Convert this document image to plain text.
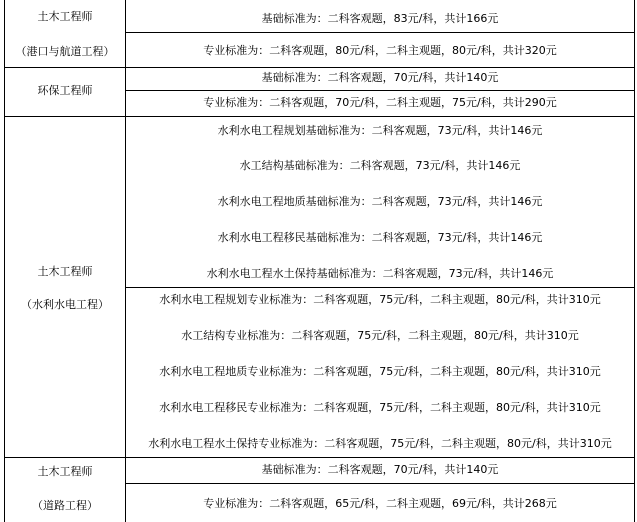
土木工程师
（港口与航道工程）
基础标准为：二科客观题，83元/科，共计166元
专业标准为：二科客观题，80元/科，二科主观题，80元/科，共计320元
环保工程师
基础标准为：二科客观题，70元/科，共计140元
专业标准为：二科客观题，70元/科，二科主观题，75元/科，共计290元
土木工程师
（水利水电工程）
水利水电工程规划基础标准为：二科客观题，73元/科，共计146元
水工结构基础标准为：二科客观题，73元/科，共计146元
水利水电工程地质基础标准为：二科客观题，73元/科，共计146元
水利水电工程移民基础标准为：二科客观题，73元/科，共计146元
水利水电工程水土保持基础标准为：二科客观题，73元/科，共计146元
水利水电工程规划专业标准为：二科客观题，75元/科，二科主观题，80元/科，共计310元
水工结构专业标准为：二科客观题，75元/科，二科主观题，80元/科，共计310元
水利水电工程地质专业标准为：二科客观题，75元/科，二科主观题，80元/科，共计310元
水利水电工程移民专业标准为：二科客观题，75元/科，二科主观题，80元/科，共计310元
水利水电工程水土保持专业标准为：二科客观题，75元/科，二科主观题，80元/科，共计310元
土木工程师
（道路工程）
基础标准为：二科客观题，70元/科，共计140元
专业标准为：二科客观题，65元/科，二科主观题，69元/科，共计268元
